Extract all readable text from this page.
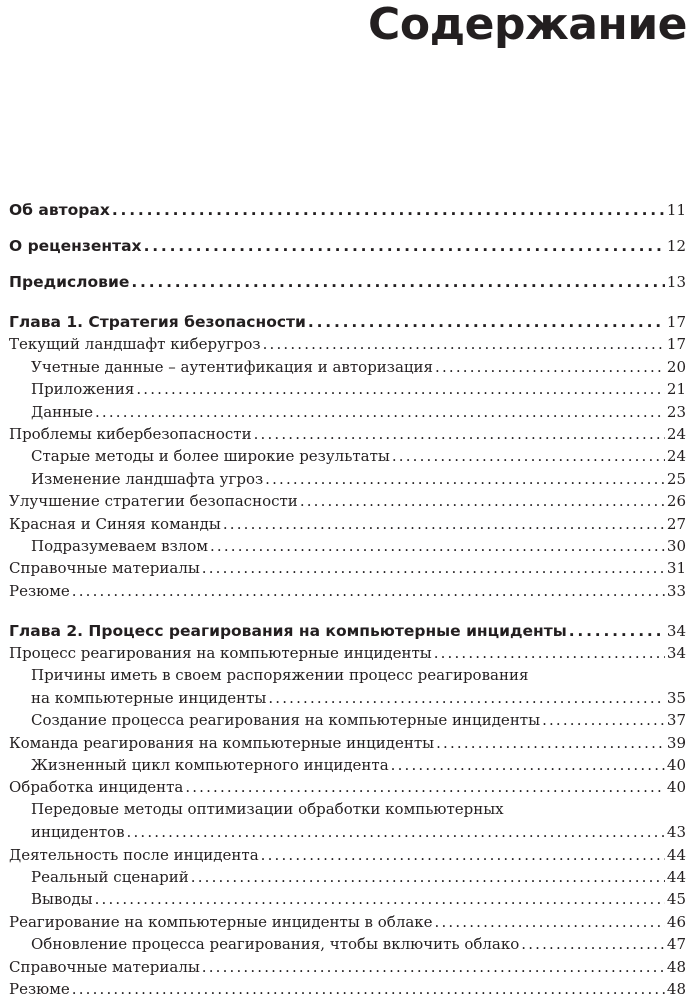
Содержание
Об авторах . . .	11
О рецензентах . . .	12
Предисловие . . .	13
Глава 1. Стратегия безопасности . . .	17
Текущий ландшафт киберугроз . . .	17
Учетные данные – аутентификация и авторизация . . .	20
Приложения . . .	21
Данные . . .	23
Проблемы кибербезопасности . . .	24
Старые методы и более широкие результаты . . .	24
Изменение ландшафта угроз . . .	25
Улучшение стратегии безопасности . . .	26
Красная и Синяя команды . . .	27
Подразумеваем взлом . . .	30
Справочные материалы . . .	31
Резюме . . .	33
Глава 2. Процесс реагирования на компьютерные инциденты . . .	34
Процесс реагирования на компьютерные инциденты . . .	34
Причины иметь в своем распоряжении процесс реагирования
на компьютерные инциденты . . .	35
Создание процесса реагирования на компьютерные инциденты . . .	37
Команда реагирования на компьютерные инциденты . . .	39
Жизненный цикл компьютерного инцидента . . .	40
Обработка инцидента . . .	40
Передовые методы оптимизации обработки компьютерных
инцидентов . . .	43
Деятельность после инцидента . . .	44
Реальный сценарий . . .	44
Выводы . . .	45
Реагирование на компьютерные инциденты в облаке . . .	46
Обновление процесса реагирования, чтобы включить облако . . .	47
Справочные материалы . . .	48
Резюме . . .	48
